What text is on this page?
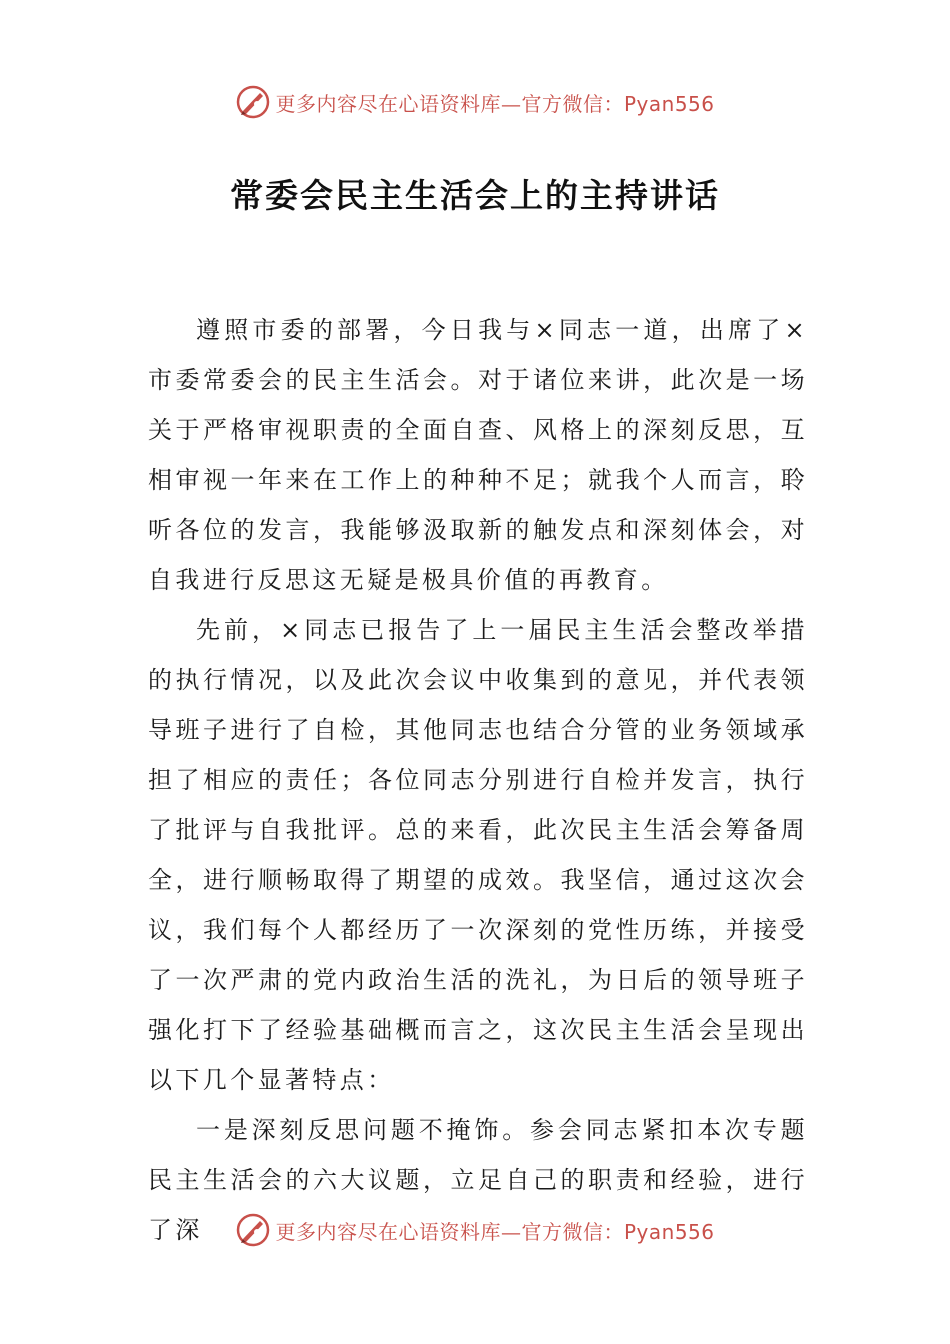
更多内容尽在心语资料库—官方微信：Pyan556
常委会民主生活会上的主持讲话

遵照市委的部署，今日我与×同志一道，出席了×市委常委会的民主生活会。对于诸位来讲，此次是一场关于严格审视职责的全面自查、风格上的深刻反思，互相审视一年来在工作上的种种不足；就我个人而言，聆听各位的发言，我能够汲取新的触发点和深刻体会，对自我进行反思这无疑是极具价值的再教育。

先前，×同志已报告了上一届民主生活会整改举措的执行情况，以及此次会议中收集到的意见，并代表领导班子进行了自检，其他同志也结合分管的业务领域承担了相应的责任；各位同志分别进行自检并发言，执行了批评与自我批评。总的来看，此次民主生活会筹备周全，进行顺畅取得了期望的成效。我坚信，通过这次会议，我们每个人都经历了一次深刻的党性历练，并接受了一次严肃的党内政治生活的洗礼，为日后的领导班子强化打下了经验基础概而言之，这次民主生活会呈现出以下几个显著特点：

一是深刻反思问题不掩饰。参会同志紧扣本次专题民主生活会的六大议题，立足自己的职责和经验，进行了深	更多内容尽在心语资料库—官方微信：Pyan556
